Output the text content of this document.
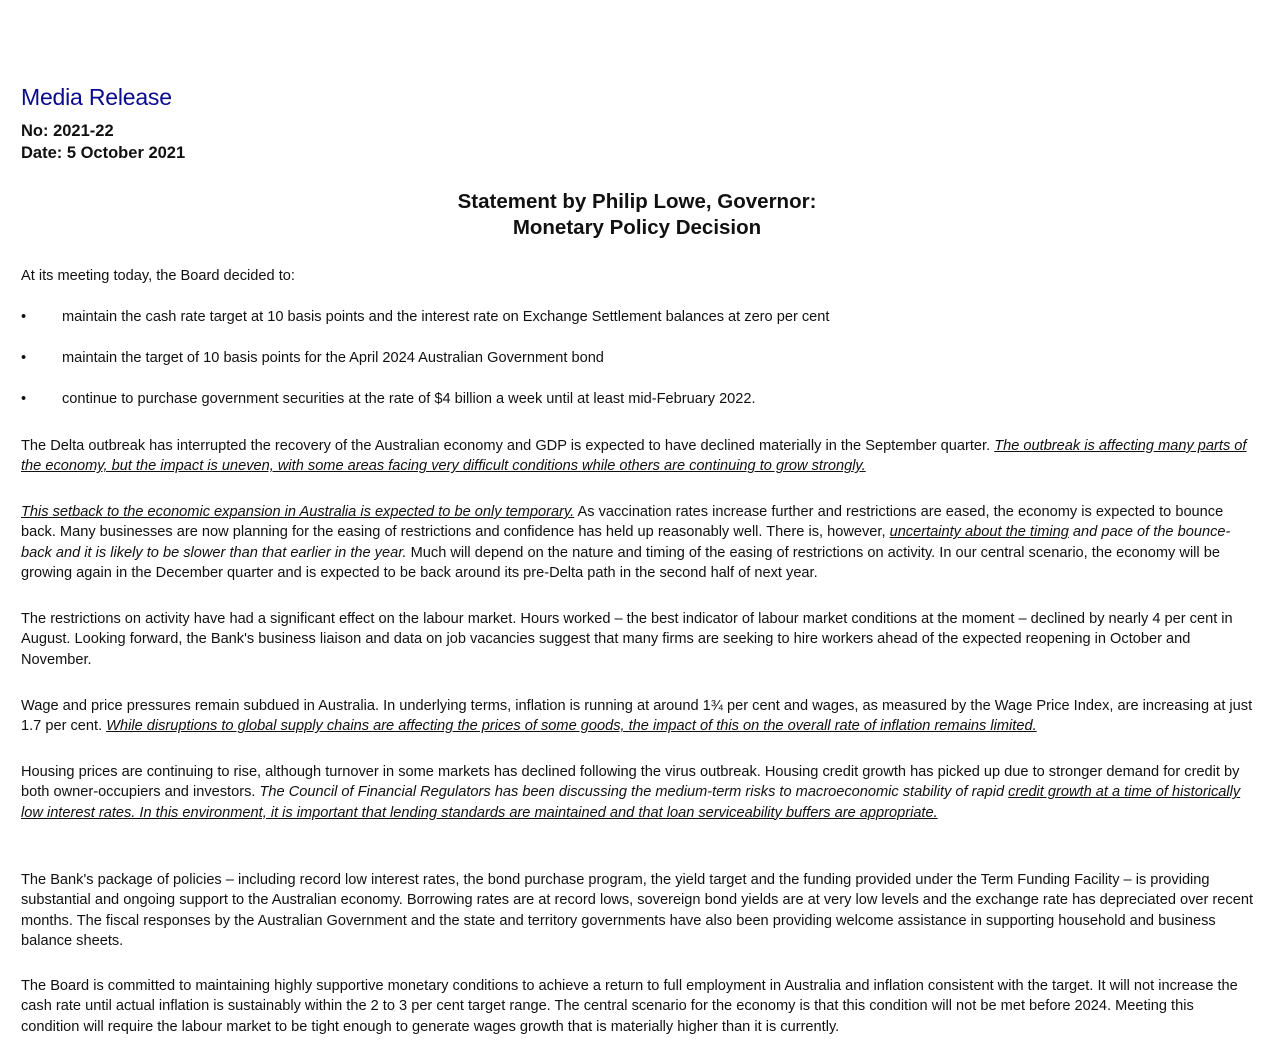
Media Release
No: 2021-22
Date: 5 October 2021
Statement by Philip Lowe, Governor:
Monetary Policy Decision
At its meeting today, the Board decided to:
• maintain the cash rate target at 10 basis points and the interest rate on Exchange Settlement balances at zero per cent
• maintain the target of 10 basis points for the April 2024 Australian Government bond
• continue to purchase government securities at the rate of $4 billion a week until at least mid-February 2022.

The Delta outbreak has interrupted the recovery of the Australian economy and GDP is expected to have declined materially in the September quarter. The outbreak is affecting many parts of the economy, but the impact is uneven, with some areas facing very difficult conditions while others are continuing to grow strongly.

This setback to the economic expansion in Australia is expected to be only temporary. As vaccination rates increase further and restrictions are eased, the economy is expected to bounce back. Many businesses are now planning for the easing of restrictions and confidence has held up reasonably well. There is, however, uncertainty about the timing and pace of the bounce-back and it is likely to be slower than that earlier in the year. Much will depend on the nature and timing of the easing of restrictions on activity. In our central scenario, the economy will be growing again in the December quarter and is expected to be back around its pre-Delta path in the second half of next year.

The restrictions on activity have had a significant effect on the labour market. Hours worked – the best indicator of labour market conditions at the moment – declined by nearly 4 per cent in August. Looking forward, the Bank's business liaison and data on job vacancies suggest that many firms are seeking to hire workers ahead of the expected reopening in October and November.

Wage and price pressures remain subdued in Australia. In underlying terms, inflation is running at around 1¾ per cent and wages, as measured by the Wage Price Index, are increasing at just 1.7 per cent. While disruptions to global supply chains are affecting the prices of some goods, the impact of this on the overall rate of inflation remains limited.

Housing prices are continuing to rise, although turnover in some markets has declined following the virus outbreak. Housing credit growth has picked up due to stronger demand for credit by both owner-occupiers and investors. The Council of Financial Regulators has been discussing the medium-term risks to macroeconomic stability of rapid credit growth at a time of historically low interest rates. In this environment, it is important that lending standards are maintained and that loan serviceability buffers are appropriate.

The Bank's package of policies – including record low interest rates, the bond purchase program, the yield target and the funding provided under the Term Funding Facility – is providing substantial and ongoing support to the Australian economy. Borrowing rates are at record lows, sovereign bond yields are at very low levels and the exchange rate has depreciated over recent months. The fiscal responses by the Australian Government and the state and territory governments have also been providing welcome assistance in supporting household and business balance sheets.

The Board is committed to maintaining highly supportive monetary conditions to achieve a return to full employment in Australia and inflation consistent with the target. It will not increase the cash rate until actual inflation is sustainably within the 2 to 3 per cent target range. The central scenario for the economy is that this condition will not be met before 2024. Meeting this condition will require the labour market to be tight enough to generate wages growth that is materially higher than it is currently.
